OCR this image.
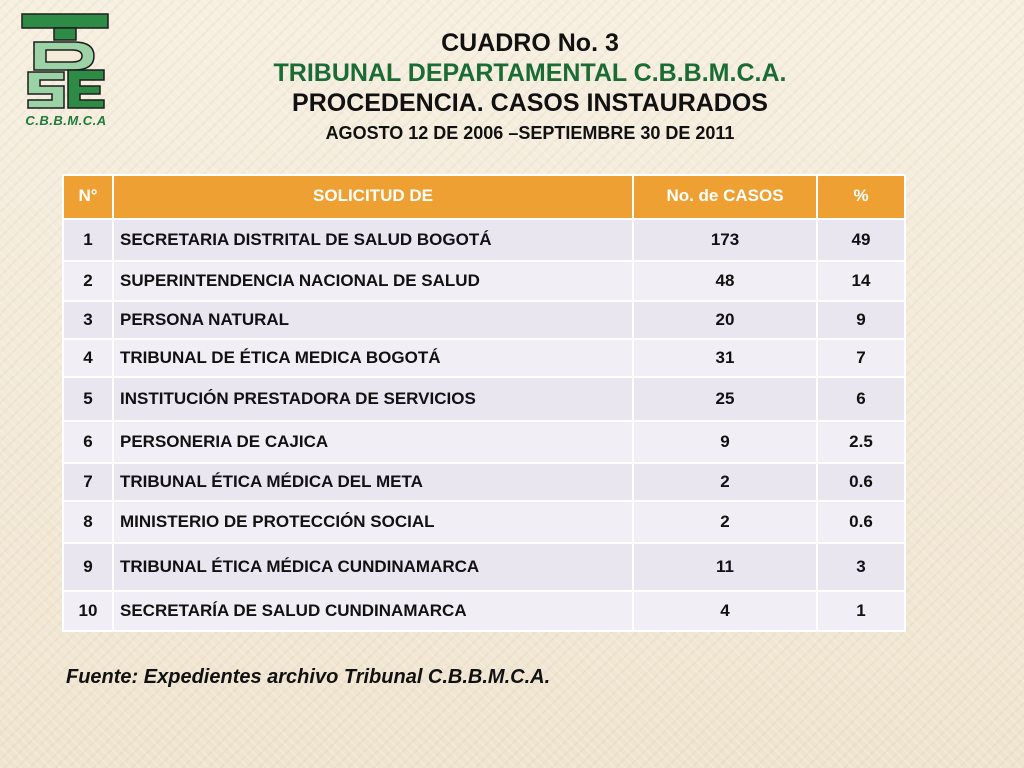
C.B.B.M.C.A
CUADRO No. 3
TRIBUNAL DEPARTAMENTAL C.B.B.M.C.A.
PROCEDENCIA. CASOS INSTAURADOS
AGOSTO 12 DE 2006 –SEPTIEMBRE 30 DE 2011
N°	SOLICITUD DE	No. de CASOS	%
1	SECRETARIA DISTRITAL DE SALUD BOGOTÁ	173	49
2	SUPERINTENDENCIA NACIONAL DE SALUD	48	14
3	PERSONA NATURAL	20	9
4	TRIBUNAL DE ÉTICA MEDICA BOGOTÁ	31	7
5	INSTITUCIÓN PRESTADORA DE SERVICIOS	25	6
6	PERSONERIA DE CAJICA	9	2.5
7	TRIBUNAL ÉTICA MÉDICA DEL META	2	0.6
8	MINISTERIO DE PROTECCIÓN SOCIAL	2	0.6
9	TRIBUNAL ÉTICA MÉDICA CUNDINAMARCA	11	3
10	SECRETARÍA DE SALUD CUNDINAMARCA	4	1
Fuente: Expedientes archivo Tribunal C.B.B.M.C.A.
